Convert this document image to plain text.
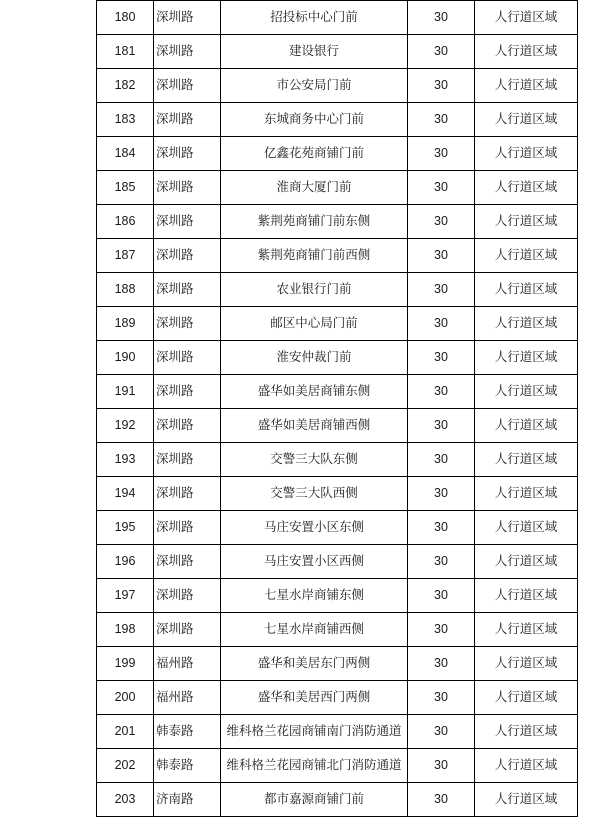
180	深圳路	招投标中心门前	30	人行道区域
181	深圳路	建设银行	30	人行道区域
182	深圳路	市公安局门前	30	人行道区域
183	深圳路	东城商务中心门前	30	人行道区域
184	深圳路	亿鑫花苑商铺门前	30	人行道区域
185	深圳路	淮商大厦门前	30	人行道区域
186	深圳路	紫荆苑商铺门前东侧	30	人行道区域
187	深圳路	紫荆苑商铺门前西侧	30	人行道区域
188	深圳路	农业银行门前	30	人行道区域
189	深圳路	邮区中心局门前	30	人行道区域
190	深圳路	淮安仲裁门前	30	人行道区域
191	深圳路	盛华如美居商铺东侧	30	人行道区域
192	深圳路	盛华如美居商铺西侧	30	人行道区域
193	深圳路	交警三大队东侧	30	人行道区域
194	深圳路	交警三大队西侧	30	人行道区域
195	深圳路	马庄安置小区东侧	30	人行道区域
196	深圳路	马庄安置小区西侧	30	人行道区域
197	深圳路	七星水岸商铺东侧	30	人行道区域
198	深圳路	七星水岸商铺西侧	30	人行道区域
199	福州路	盛华和美居东门两侧	30	人行道区域
200	福州路	盛华和美居西门两侧	30	人行道区域
201	韩泰路	维科格兰花园商铺南门消防通道	30	人行道区域
202	韩泰路	维科格兰花园商铺北门消防通道	30	人行道区域
203	济南路	都市嘉源商铺门前	30	人行道区域
